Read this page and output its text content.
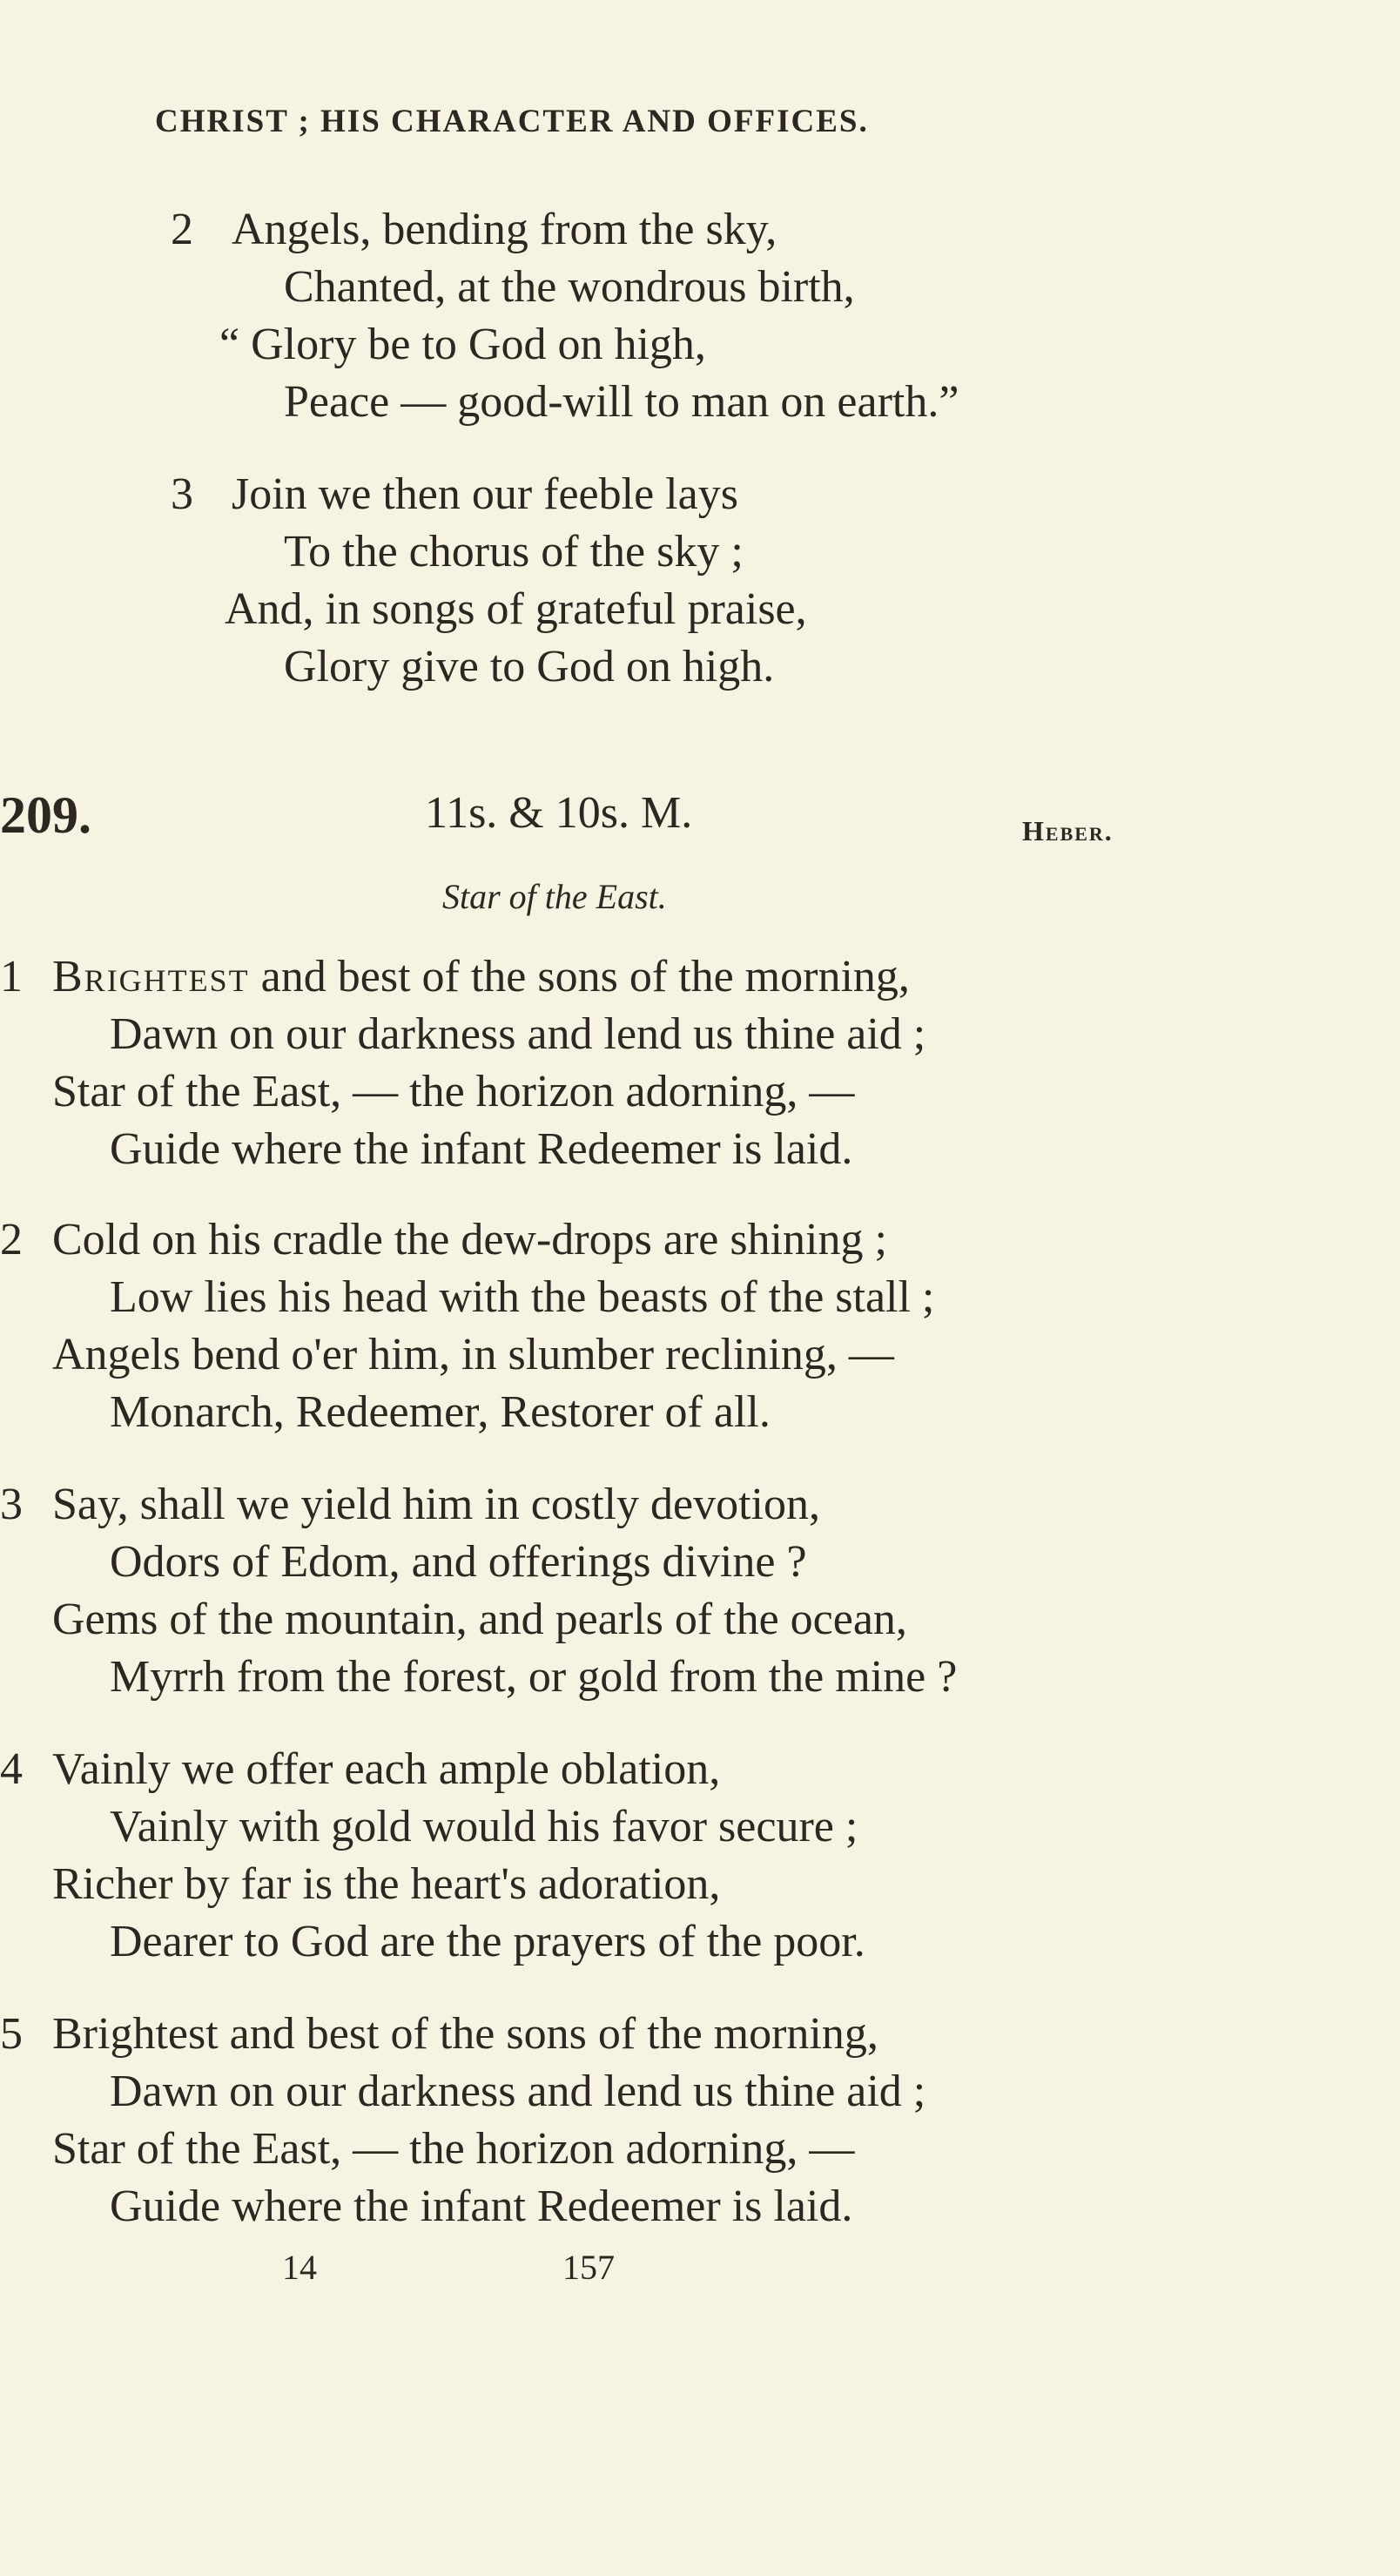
CHRIST ; HIS CHARACTER AND OFFICES.
2 Angels, bending from the sky,
Chanted, at the wondrous birth,
“ Glory be to God on high,
Peace — good-will to man on earth.”
3 Join we then our feeble lays
To the chorus of the sky ;
And, in songs of grateful praise,
Glory give to God on high.
209.	11s. & 10s. M.	Heber.
Star of the East.
1 Brightest and best of the sons of the morning,
Dawn on our darkness and lend us thine aid ;
Star of the East, — the horizon adorning, —
Guide where the infant Redeemer is laid.
2 Cold on his cradle the dew-drops are shining ;
Low lies his head with the beasts of the stall ;
Angels bend o'er him, in slumber reclining, —
Monarch, Redeemer, Restorer of all.
3 Say, shall we yield him in costly devotion,
Odors of Edom, and offerings divine ?
Gems of the mountain, and pearls of the ocean,
Myrrh from the forest, or gold from the mine ?
4 Vainly we offer each ample oblation,
Vainly with gold would his favor secure ;
Richer by far is the heart's adoration,
Dearer to God are the prayers of the poor.
5 Brightest and best of the sons of the morning,
Dawn on our darkness and lend us thine aid ;
Star of the East, — the horizon adorning, —
Guide where the infant Redeemer is laid.
14	157
